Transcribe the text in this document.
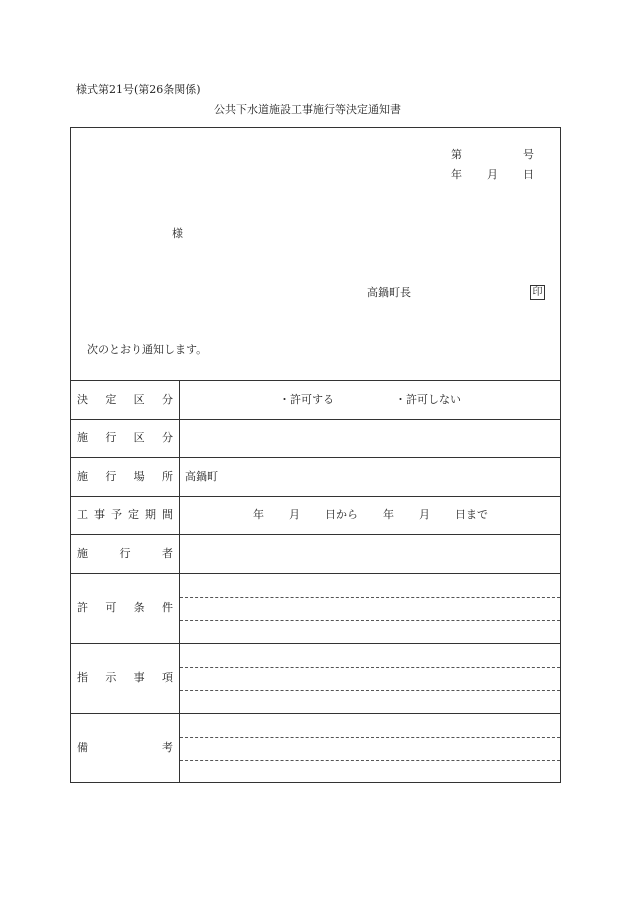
様式第21号(第26条関係)
公共下水道施設工事施行等決定通知書
第	号
年 月 日
様
高鍋町長
次のとおり通知します。
決 定 区 分	・許可する	・許可しない
施 行 区 分
施 行 場 所 高鍋町
工 事 予 定 期 間	年 月 日から 年 月 日まで
施	行	者
許 可 条 件
指 示 事 項
備	考
印
